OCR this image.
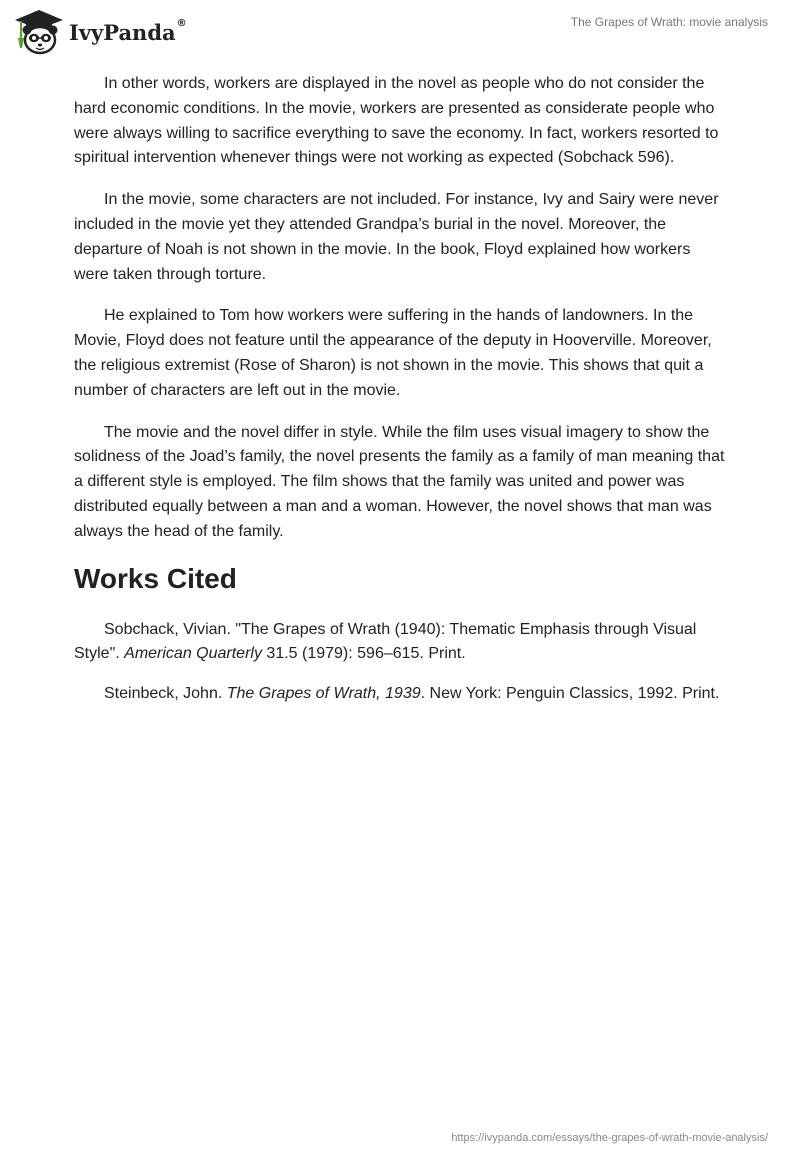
IvyPanda®	The Grapes of Wrath: movie analysis

In other words, workers are displayed in the novel as people who do not consider the hard economic conditions. In the movie, workers are presented as considerate people who were always willing to sacrifice everything to save the economy. In fact, workers resorted to spiritual intervention whenever things were not working as expected (Sobchack 596).

In the movie, some characters are not included. For instance, Ivy and Sairy were never included in the movie yet they attended Grandpa’s burial in the novel. Moreover, the departure of Noah is not shown in the movie. In the book, Floyd explained how workers were taken through torture.

He explained to Tom how workers were suffering in the hands of landowners. In the Movie, Floyd does not feature until the appearance of the deputy in Hooverville. Moreover, the religious extremist (Rose of Sharon) is not shown in the movie. This shows that quit a number of characters are left out in the movie.

The movie and the novel differ in style. While the film uses visual imagery to show the solidness of the Joad’s family, the novel presents the family as a family of man meaning that a different style is employed. The film shows that the family was united and power was distributed equally between a man and a woman. However, the novel shows that man was always the head of the family.

Works Cited

Sobchack, Vivian. "The Grapes of Wrath (1940): Thematic Emphasis through Visual Style". American Quarterly 31.5 (1979): 596–615. Print.

Steinbeck, John. The Grapes of Wrath, 1939. New York: Penguin Classics, 1992. Print.

https://ivypanda.com/essays/the-grapes-of-wrath-movie-analysis/
